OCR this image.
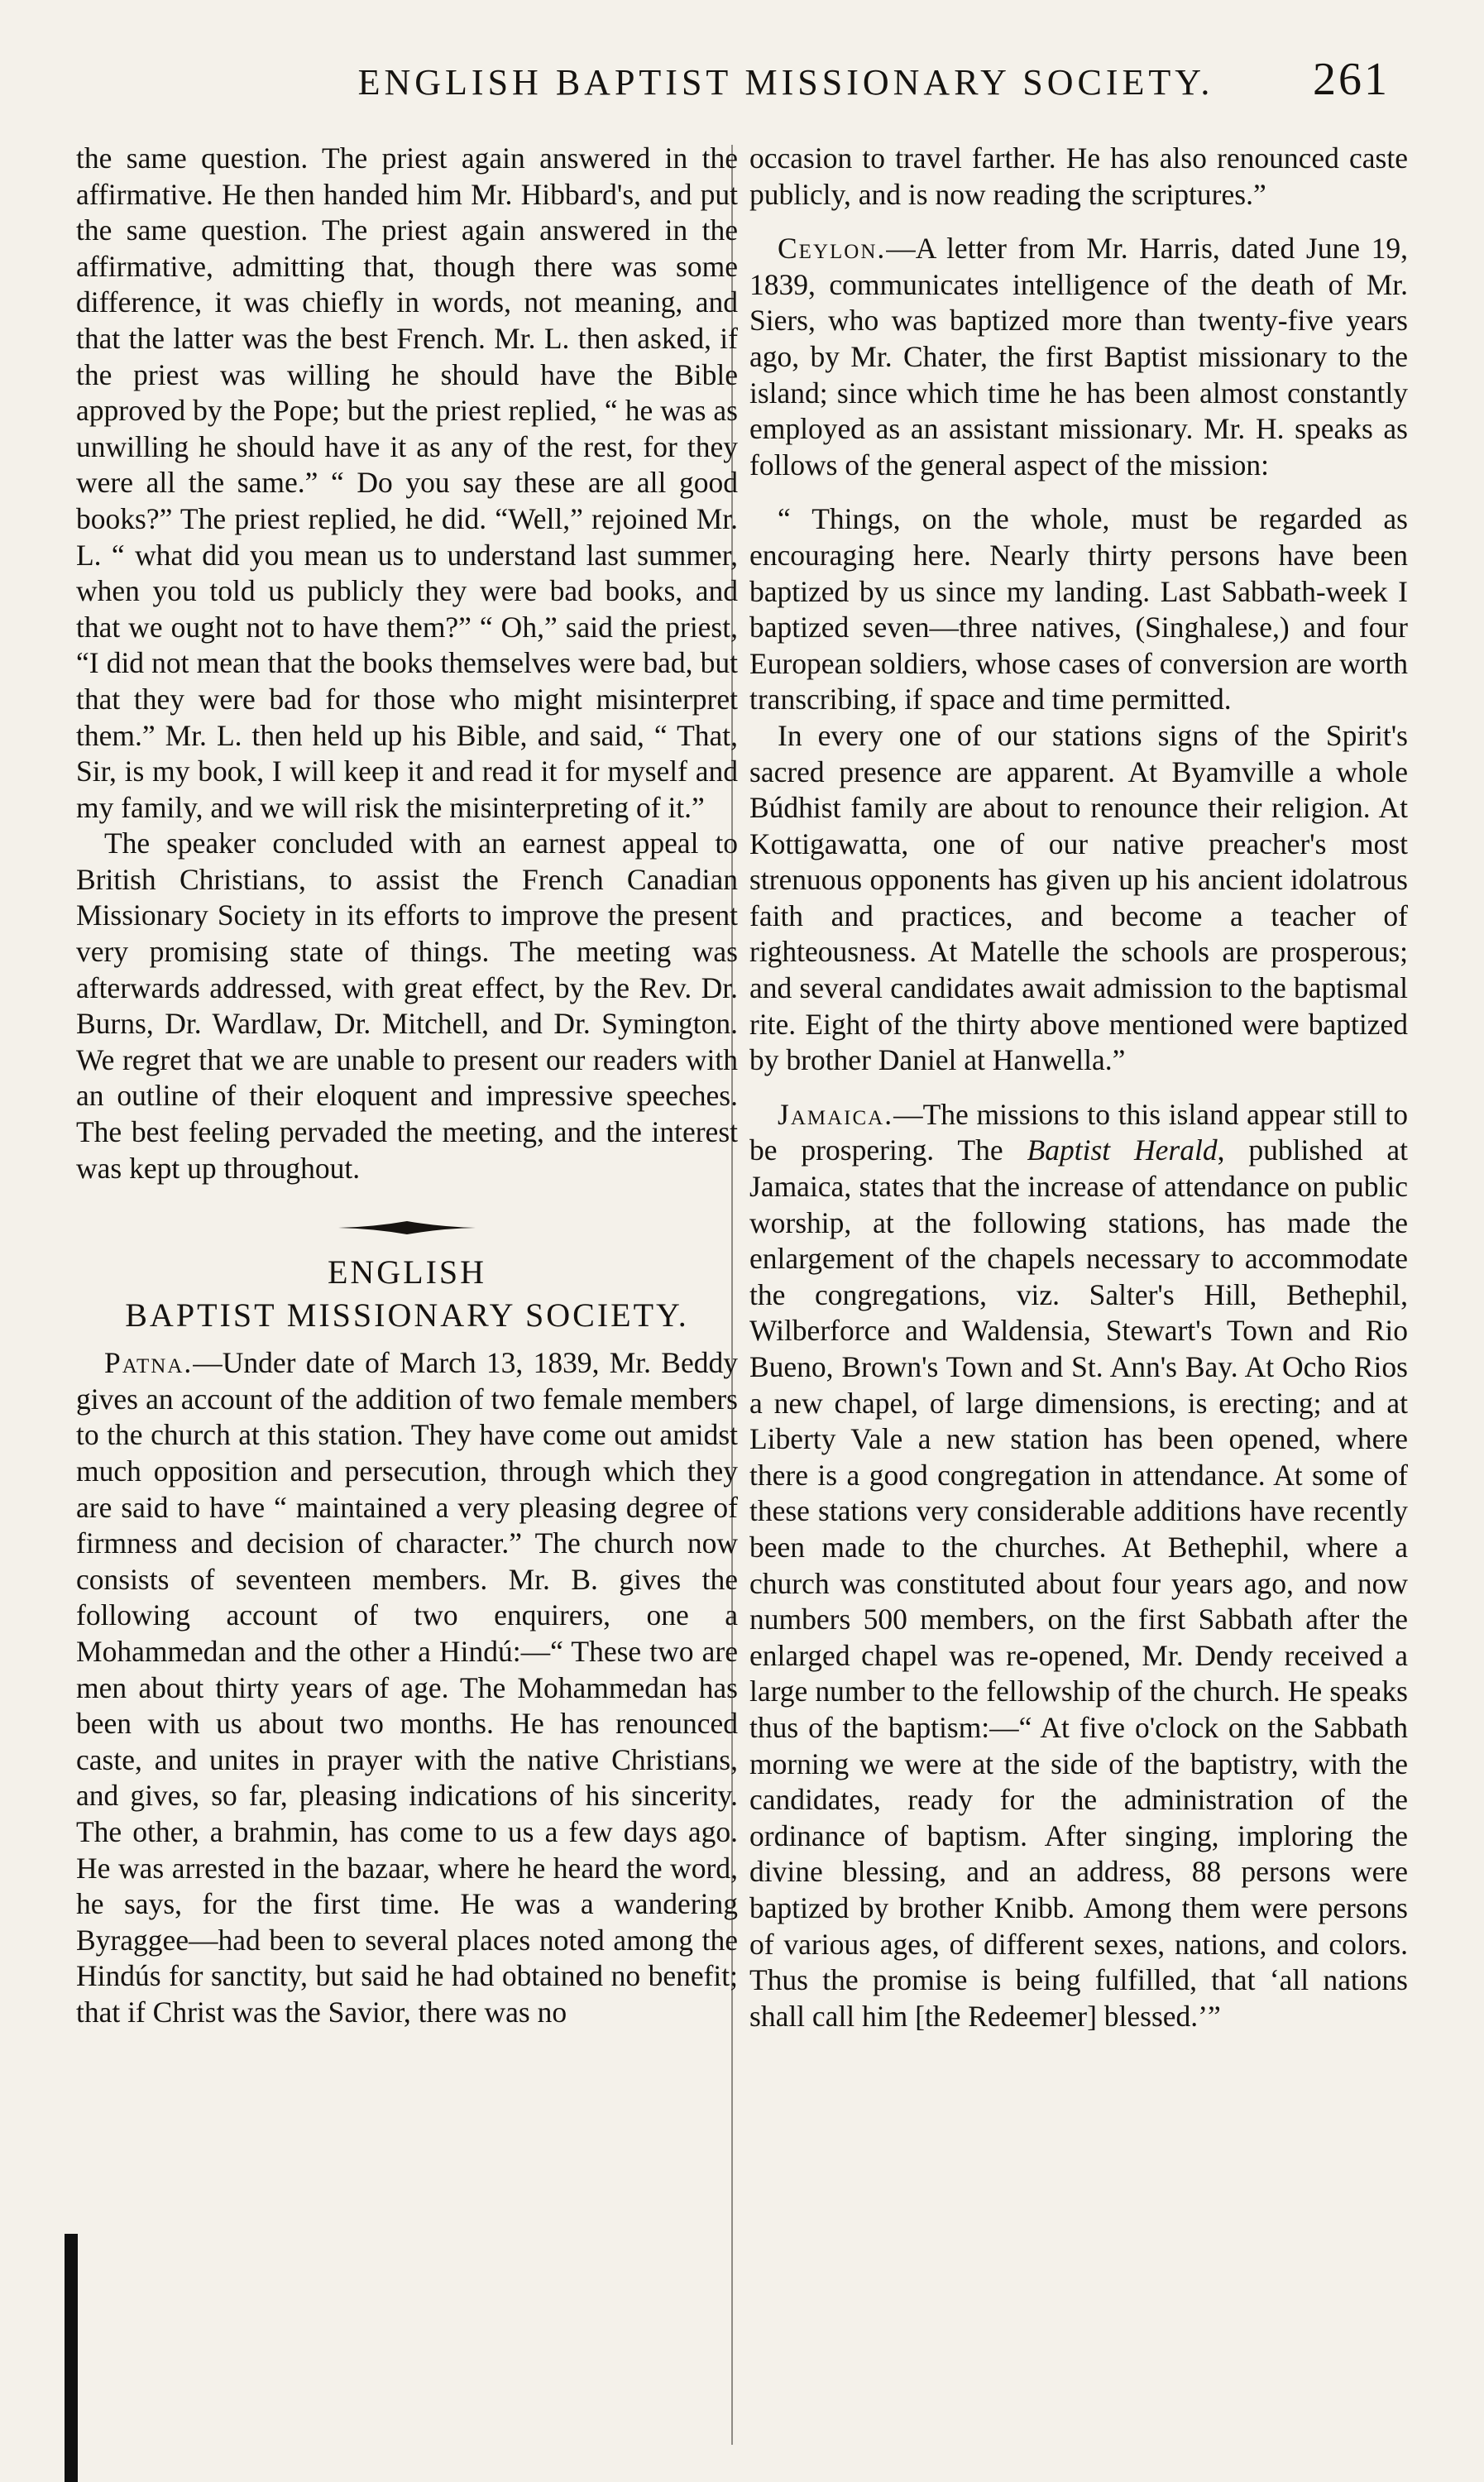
ENGLISH BAPTIST MISSIONARY SOCIETY.	261

the same question. The priest again answered in the affirmative. He then handed him Mr. Hibbard's, and put the same question. The priest again answered in the affirmative, admitting that, though there was some difference, it was chiefly in words, not meaning, and that the latter was the best French. Mr. L. then asked, if the priest was willing he should have the Bible approved by the Pope; but the priest replied, “ he was as unwilling he should have it as any of the rest, for they were all the same.” “ Do you say these are all good books?” The priest replied, he did. “Well,” rejoined Mr. L. “ what did you mean us to understand last summer, when you told us publicly they were bad books, and that we ought not to have them?” “ Oh,” said the priest, “I did not mean that the books themselves were bad, but that they were bad for those who might misinterpret them.” Mr. L. then held up his Bible, and said, “ That, Sir, is my book, I will keep it and read it for myself and my family, and we will risk the misinterpreting of it.”

The speaker concluded with an earnest appeal to British Christians, to assist the French Canadian Missionary Society in its efforts to improve the present very promising state of things. The meeting was afterwards addressed, with great effect, by the Rev. Dr. Burns, Dr. Wardlaw, Dr. Mitchell, and Dr. Symington. We regret that we are unable to present our readers with an outline of their eloquent and impressive speeches. The best feeling pervaded the meeting, and the interest was kept up throughout.

ENGLISH
BAPTIST MISSIONARY SOCIETY.

Patna.—Under date of March 13, 1839, Mr. Beddy gives an account of the addition of two female members to the church at this station. They have come out amidst much opposition and persecution, through which they are said to have “ maintained a very pleasing degree of firmness and decision of character.” The church now consists of seventeen members. Mr. B. gives the following account of two enquirers, one a Mohammedan and the other a Hindú:—“ These two are men about thirty years of age. The Mohammedan has been with us about two months. He has renounced caste, and unites in prayer with the native Christians, and gives, so far, pleasing indications of his sincerity. The other, a brahmin, has come to us a few days ago. He was arrested in the bazaar, where he heard the word, he says, for the first time. He was a wandering Byraggee—had been to several places noted among the Hindús for sanctity, but said he had obtained no benefit; that if Christ was the Savior, there was no

occasion to travel farther. He has also renounced caste publicly, and is now reading the scriptures.”

Ceylon.—A letter from Mr. Harris, dated June 19, 1839, communicates intelligence of the death of Mr. Siers, who was baptized more than twenty-five years ago, by Mr. Chater, the first Baptist missionary to the island; since which time he has been almost constantly employed as an assistant missionary. Mr. H. speaks as follows of the general aspect of the mission:

“ Things, on the whole, must be regarded as encouraging here. Nearly thirty persons have been baptized by us since my landing. Last Sabbath-week I baptized seven—three natives, (Singhalese,) and four European soldiers, whose cases of conversion are worth transcribing, if space and time permitted.

In every one of our stations signs of the Spirit's sacred presence are apparent. At Byamville a whole Búdhist family are about to renounce their religion. At Kottigawatta, one of our native preacher's most strenuous opponents has given up his ancient idolatrous faith and practices, and become a teacher of righteousness. At Matelle the schools are prosperous; and several candidates await admission to the baptismal rite. Eight of the thirty above mentioned were baptized by brother Daniel at Hanwella.”

Jamaica.—The missions to this island appear still to be prospering. The Baptist Herald, published at Jamaica, states that the increase of attendance on public worship, at the following stations, has made the enlargement of the chapels necessary to accommodate the congregations, viz. Salter's Hill, Bethephil, Wilberforce and Waldensia, Stewart's Town and Rio Bueno, Brown's Town and St. Ann's Bay. At Ocho Rios a new chapel, of large dimensions, is erecting; and at Liberty Vale a new station has been opened, where there is a good congregation in attendance. At some of these stations very considerable additions have recently been made to the churches. At Bethephil, where a church was constituted about four years ago, and now numbers 500 members, on the first Sabbath after the enlarged chapel was re-opened, Mr. Dendy received a large number to the fellowship of the church. He speaks thus of the baptism:—“ At five o'clock on the Sabbath morning we were at the side of the baptistry, with the candidates, ready for the administration of the ordinance of baptism. After singing, imploring the divine blessing, and an address, 88 persons were baptized by brother Knibb. Among them were persons of various ages, of different sexes, nations, and colors. Thus the promise is being fulfilled, that ‘all nations shall call him [the Redeemer] blessed.’”
